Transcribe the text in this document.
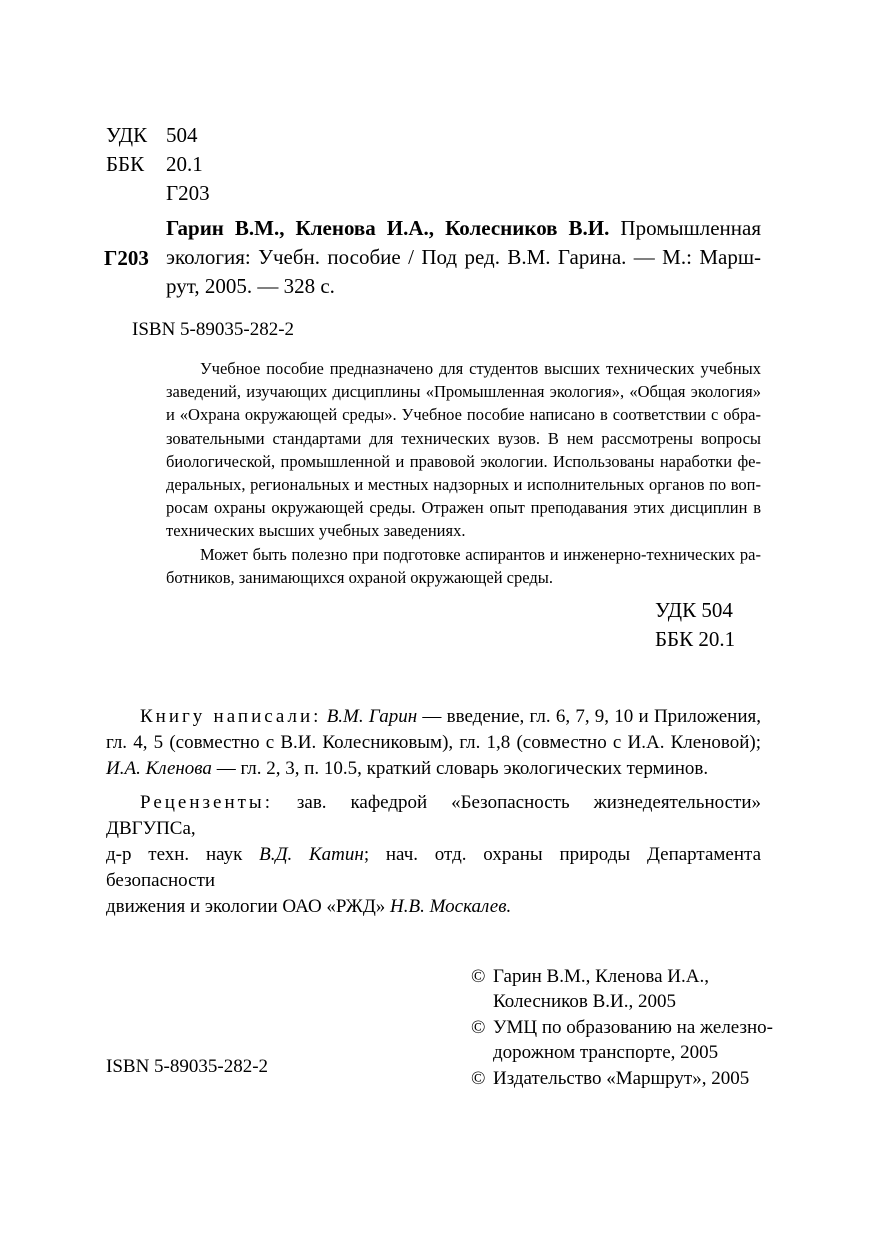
УДК 504
ББК 20.1
Г203
Г203
Гарин В.М., Кленова И.А., Колесников В.И. Промышленная
экология: Учебн. пособие / Под ред. В.М. Гарина. — М.: Марш-
рут, 2005. — 328 с.
ISBN 5-89035-282-2
Учебное пособие предназначено для студентов высших технических учебных
заведений, изучающих дисциплины «Промышленная экология», «Общая экология»
и «Охрана окружающей среды». Учебное пособие написано в соответствии с обра-
зовательными стандартами для технических вузов. В нем рассмотрены вопросы
биологической, промышленной и правовой экологии. Использованы наработки фе-
деральных, региональных и местных надзорных и исполнительных органов по воп-
росам охраны окружающей среды. Отражен опыт преподавания этих дисциплин в
технических высших учебных заведениях.
Может быть полезно при подготовке аспирантов и инженерно-технических ра-
ботников, занимающихся охраной окружающей среды.
УДК 504
ББК 20.1
Книгу написали: В.М. Гарин — введение, гл. 6, 7, 9, 10 и Приложения,
гл. 4, 5 (совместно с В.И. Колесниковым), гл. 1,8 (совместно с И.А. Кленовой);
И.А. Кленова — гл. 2, 3, п. 10.5, краткий словарь экологических терминов.
Рецензенты: зав. кафедрой «Безопасность жизнедеятельности» ДВГУПСа,
д-р техн. наук В.Д. Катин; нач. отд. охраны природы Департамента безопасности
движения и экологии ОАО «РЖД» Н.В. Москалев.
ISBN 5-89035-282-2
© Гарин В.М., Кленова И.А.,
Колесников В.И., 2005
© УМЦ по образованию на железно-
дорожном транспорте, 2005
© Издательство «Маршрут», 2005
